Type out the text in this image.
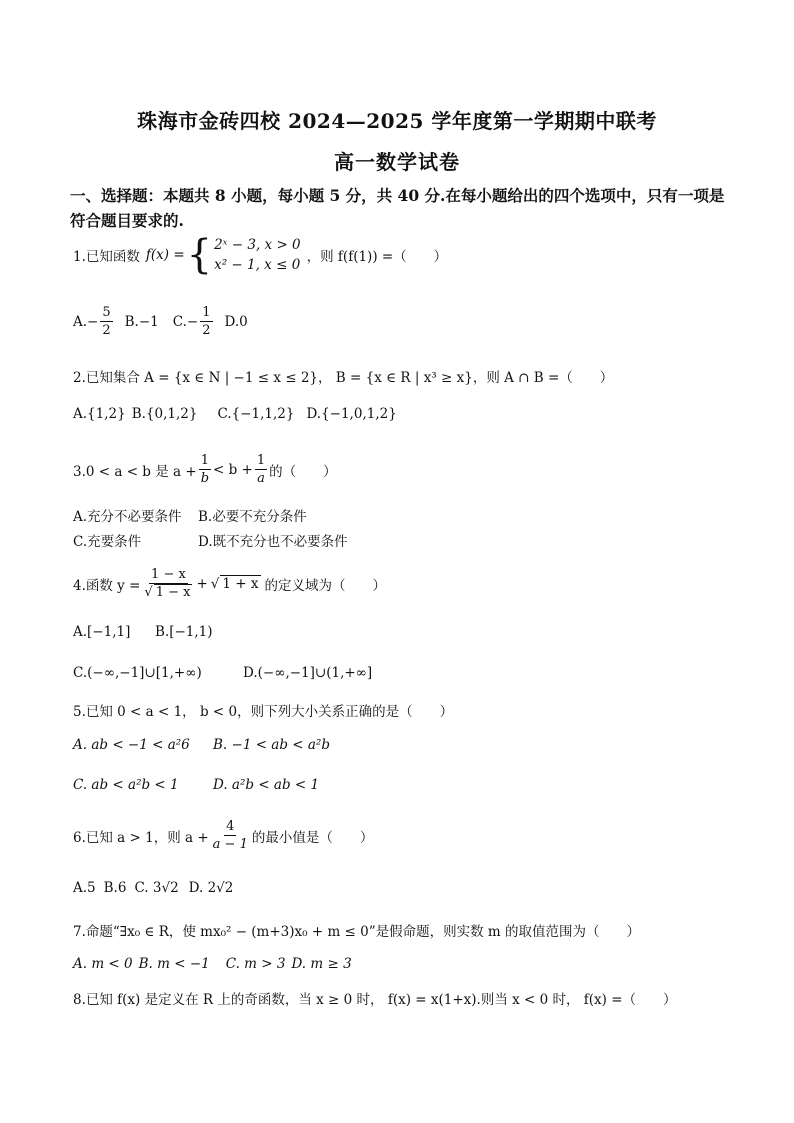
珠海市金砖四校 2024—2025 学年度第一学期期中联考
高一数学试卷
一、选择题：本题共 8 小题，每小题 5 分，共 40 分.在每小题给出的四个选项中，只有一项是符合题目要求的.
1.已知函数 f(x) = { 2ˣ − 3, x > 0
x² − 1, x ≤ 0 ，则 f(f(1)) =（　　）
$A.- \frac{5}{2} B.-1$ $C.- \frac{1}{2} D.0$
2.已知集合 A = {x ∈ N | −1 ≤ x ≤ 2}， B = {x ∈ R | x³ ≥ x}，则 A ∩ B =（　　）
A.{1,2} B.{0,1,2} C.{−1,1,2} D.{−1,0,1,2}
3.0 < a < b 是 $a + \frac{1}{b} < b + \frac{1}{a}$ 的（　　）
A.充分不必要条件	B.必要不充分条件
C.充要条件	D.既不充分也不必要条件
4.函数 $y = \frac{1 - x}{√ 1 - x}$ + √ 1 + x 的定义域为（　　）
A.[−1,1]	B.[−1,1)
C.(−∞,−1]∪[1,+∞)	D.(−∞,−1]∪(1,+∞]
5.已知 0 < a < 1， b < 0，则下列大小关系正确的是（　　）
A. ab < −1 < a²6	B. −1 < ab < a²b
C. ab < a²b < 1	D. a²b < ab < 1
6.已知 a > 1，则 $a + \frac{4}{a - 1}$ 的最小值是（　　）
A.5 B.6 C. 3√2 D. 2√2
7.命题“∃x₀ ∈ R，使 mx₀² − (m+3)x₀ + m ≤ 0”是假命题，则实数 m 的取值范围为（　　）
A. m < 0 B. m < −1 C. m > 3 D. m ≥ 3
8.已知 f(x) 是定义在 R 上的奇函数，当 x ≥ 0 时， f(x) = x(1+x).则当 x < 0 时， f(x) =（　　）
